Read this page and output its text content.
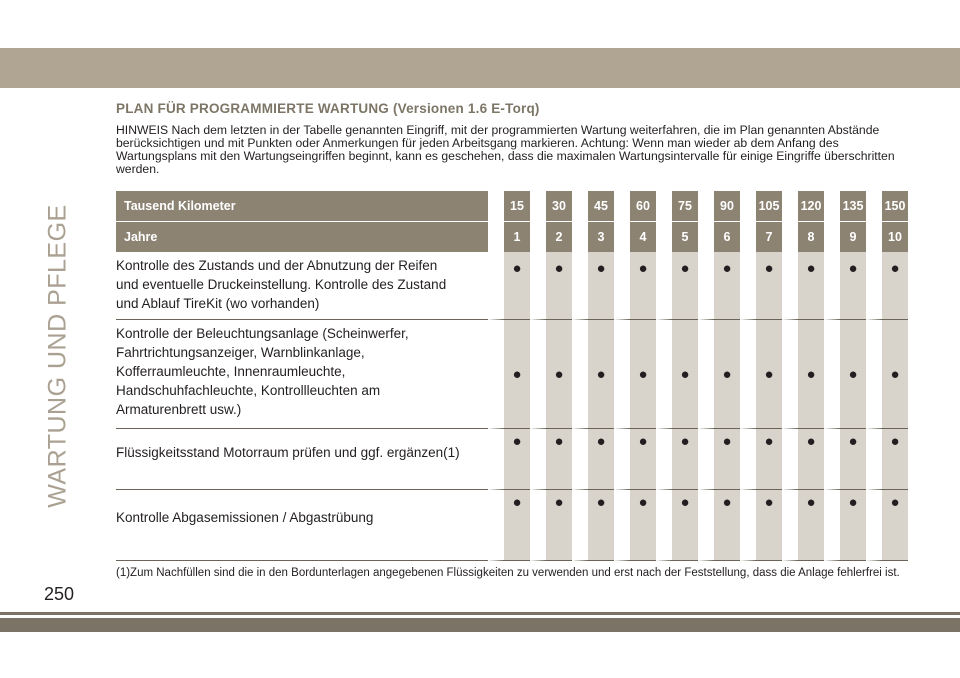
WARTUNG UND PFLEGE
PLAN FÜR PROGRAMMIERTE WARTUNG (Versionen 1.6 E-Torq)

HINWEIS Nach dem letzten in der Tabelle genannten Eingriff, mit der programmierten Wartung weiterfahren, die im Plan genannten Abstände berücksichtigen und mit Punkten oder Anmerkungen für jeden Arbeitsgang markieren. Achtung: Wenn man wieder ab dem Anfang des Wartungsplans mit den Wartungseingriffen beginnt, kann es geschehen, dass die maximalen Wartungsintervalle für einige Eingriffe überschritten werden.

Tausend Kilometer	15	30	45	60	75	90	105	120	135	150
Jahre	1	2	3	4	5	6	7	8	9	10

Kontrolle des Zustands und der Abnutzung der Reifen
und eventuelle Druckeinstellung. Kontrolle des Zustand
und Ablauf TireKit (wo vorhanden)	●	●	●	●	●	●	●	●	●	●

Kontrolle der Beleuchtungsanlage (Scheinwerfer,
Fahrtrichtungsanzeiger, Warnblinkanlage,
Kofferraumleuchte, Innenraumleuchte,
Handschuhfachleuchte, Kontrollleuchten am
Armaturenbrett usw.)	●	●	●	●	●	●	●	●	●	●

Flüssigkeitsstand Motorraum prüfen und ggf. ergänzen(1)	●	●	●	●	●	●	●	●	●	●

Kontrolle Abgasemissionen / Abgastrübung	●	●	●	●	●	●	●	●	●	●

(1)Zum Nachfüllen sind die in den Bordunterlagen angegebenen Flüssigkeiten zu verwenden und erst nach der Feststellung, dass die Anlage fehlerfrei ist.

250
